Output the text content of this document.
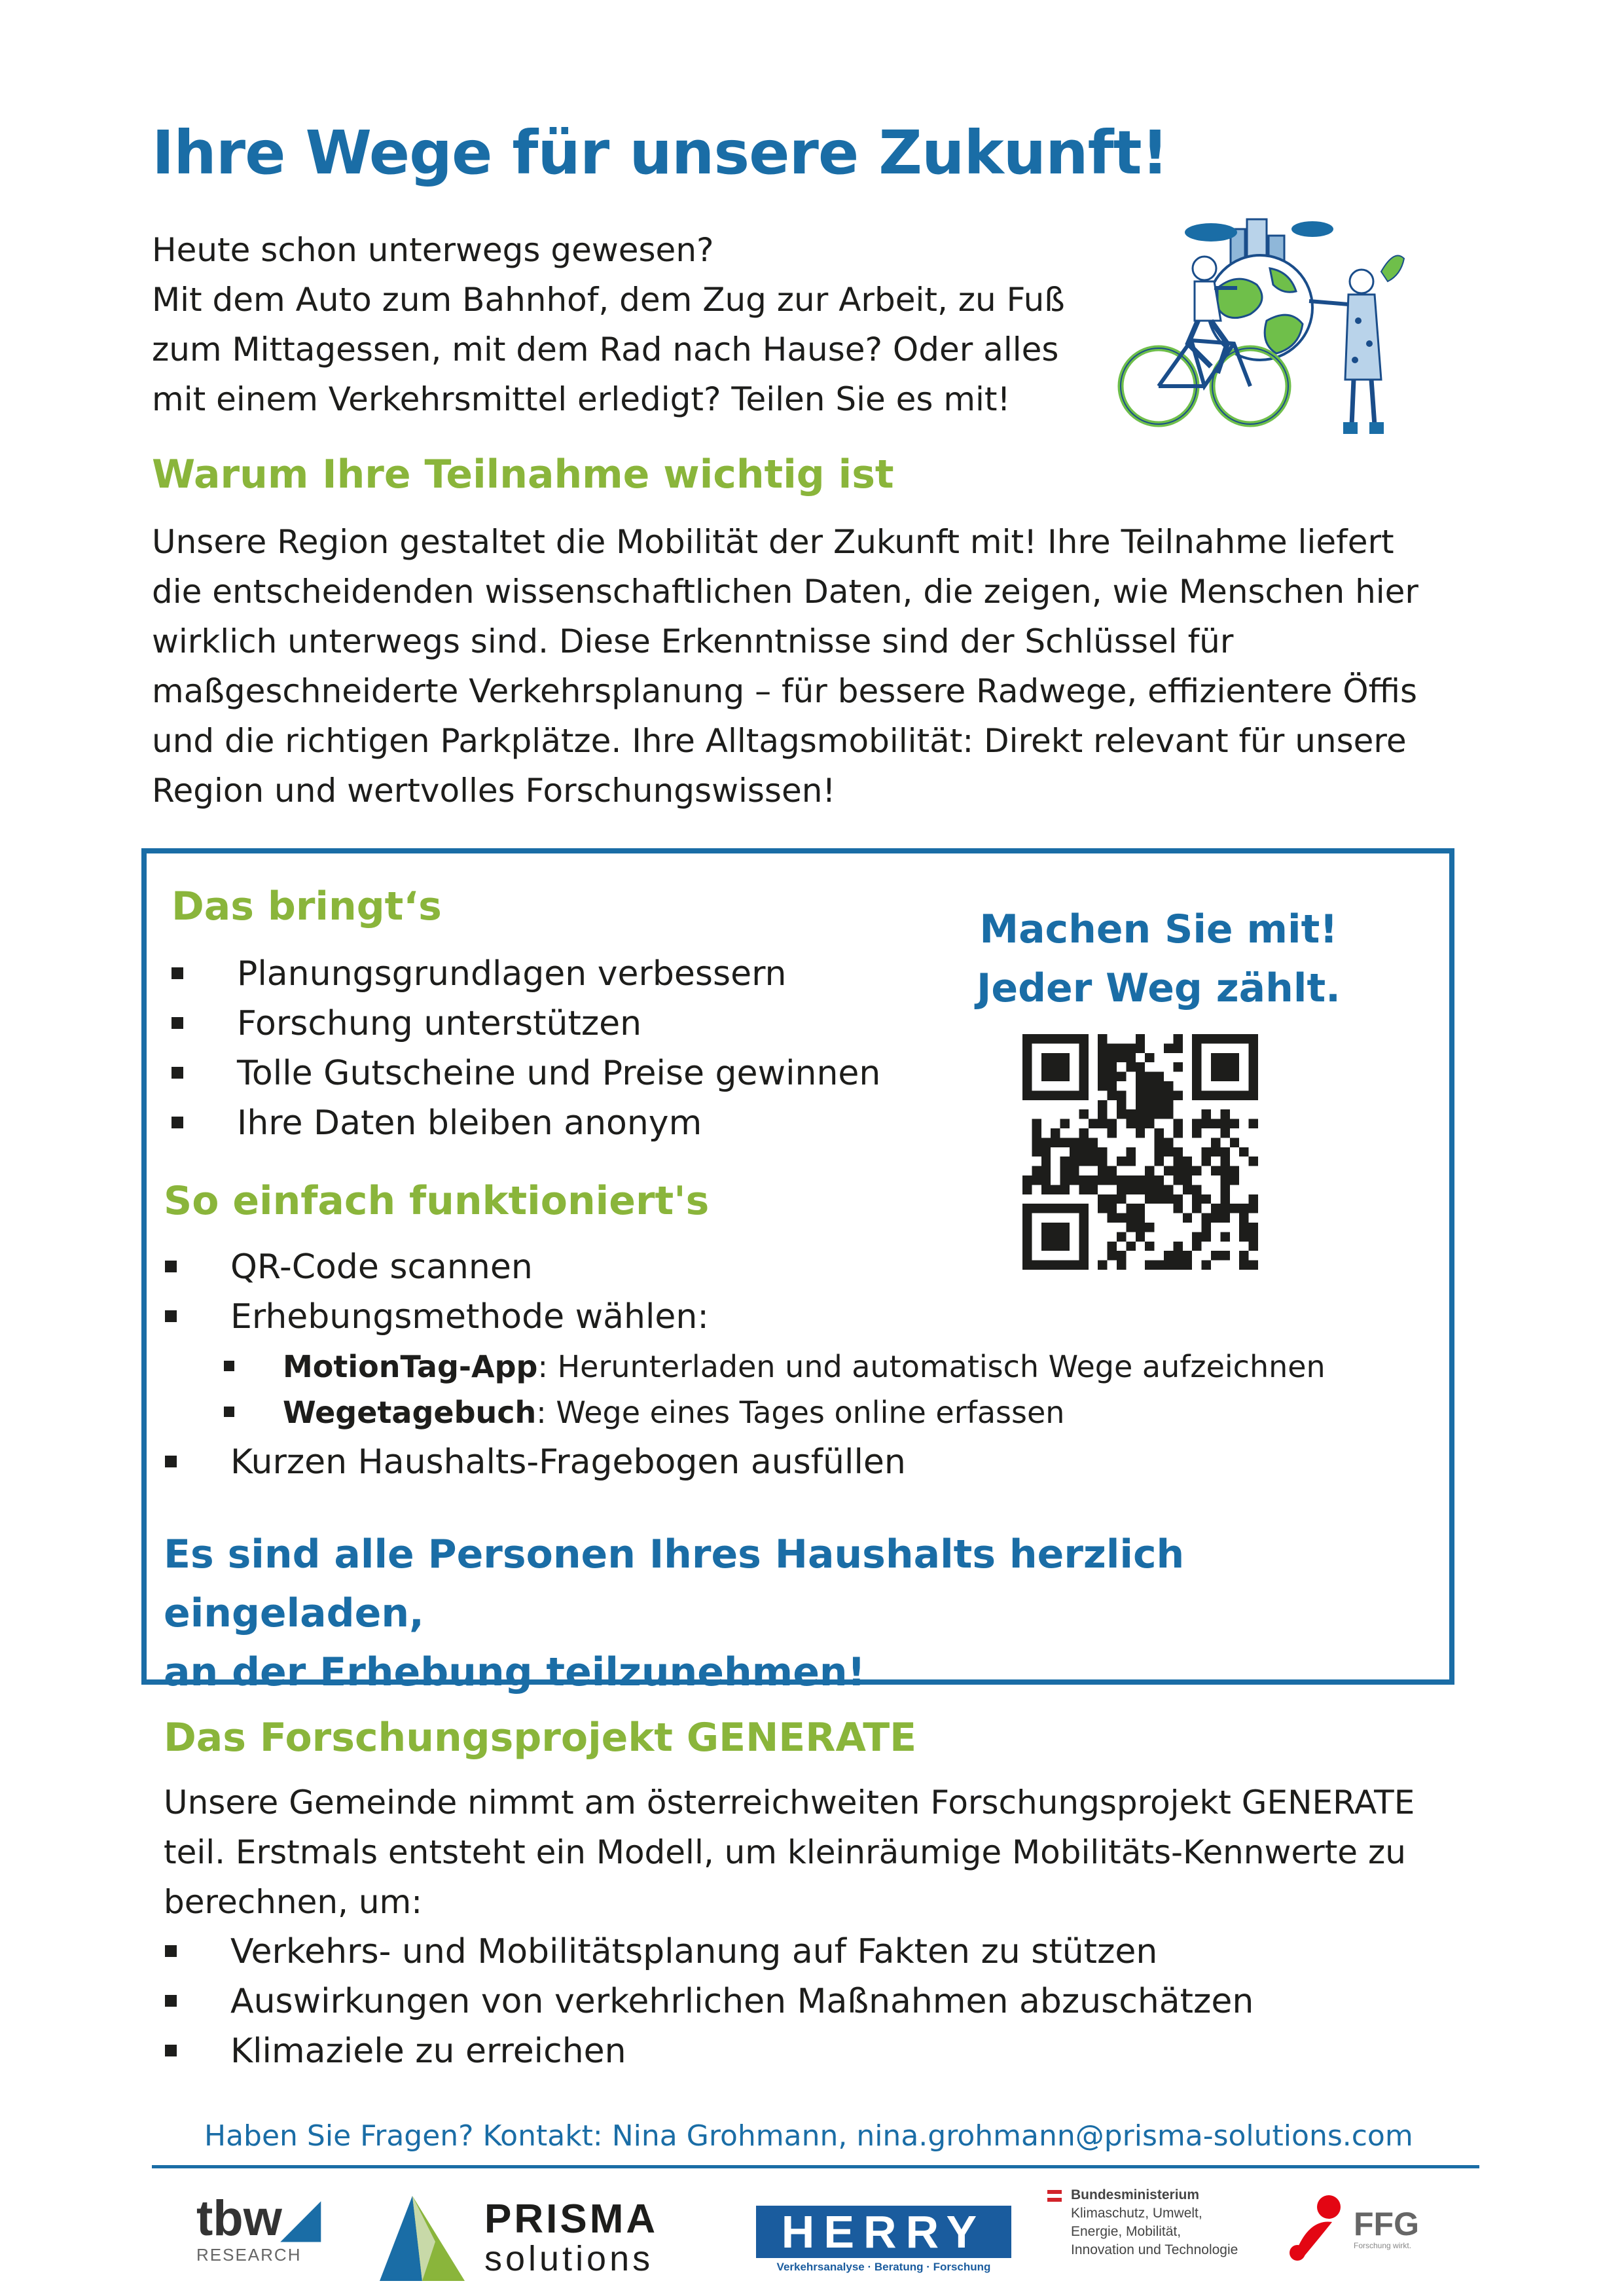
Ihre Wege für unsere Zukunft!
Heute schon unterwegs gewesen?
Mit dem Auto zum Bahnhof, dem Zug zur Arbeit, zu Fuß
zum Mittagessen, mit dem Rad nach Hause? Oder alles
mit einem Verkehrsmittel erledigt? Teilen Sie es mit!
Warum Ihre Teilnahme wichtig ist
Unsere Region gestaltet die Mobilität der Zukunft mit! Ihre Teilnahme liefert
die entscheidenden wissenschaftlichen Daten, die zeigen, wie Menschen hier
wirklich unterwegs sind. Diese Erkenntnisse sind der Schlüssel für
maßgeschneiderte Verkehrsplanung – für bessere Radwege, effizientere Öffis
und die richtigen Parkplätze. Ihre Alltagsmobilität: Direkt relevant für unsere
Region und wertvolles Forschungswissen!
Das bringt‘s
Planungsgrundlagen verbessern
Forschung unterstützen
Tolle Gutscheine und Preise gewinnen
Ihre Daten bleiben anonym
Machen Sie mit!
Jeder Weg zählt.
So einfach funktioniert's
QR-Code scannen
Erhebungsmethode wählen:
MotionTag-App: Herunterladen und automatisch Wege aufzeichnen
Wegetagebuch: Wege eines Tages online erfassen
Kurzen Haushalts-Fragebogen ausfüllen
Es sind alle Personen Ihres Haushalts herzlich eingeladen,
an der Erhebung teilzunehmen!
Das Forschungsprojekt GENERATE
Unsere Gemeinde nimmt am österreichweiten Forschungsprojekt GENERATE
teil. Erstmals entsteht ein Modell, um kleinräumige Mobilitäts-Kennwerte zu
berechnen, um:
Verkehrs- und Mobilitätsplanung auf Fakten zu stützen
Auswirkungen von verkehrlichen Maßnahmen abzuschätzen
Klimaziele zu erreichen
Haben Sie Fragen? Kontakt: Nina Grohmann, nina.grohmann@prisma-solutions.com
tbw◢
RESEARCH
PRISMA
solutions
HERRY
Verkehrsanalyse · Beratung · Forschung
Bundesministerium
Klimaschutz, Umwelt,
Energie, Mobilität,
Innovation und Technologie
FFG
Forschung wirkt.
